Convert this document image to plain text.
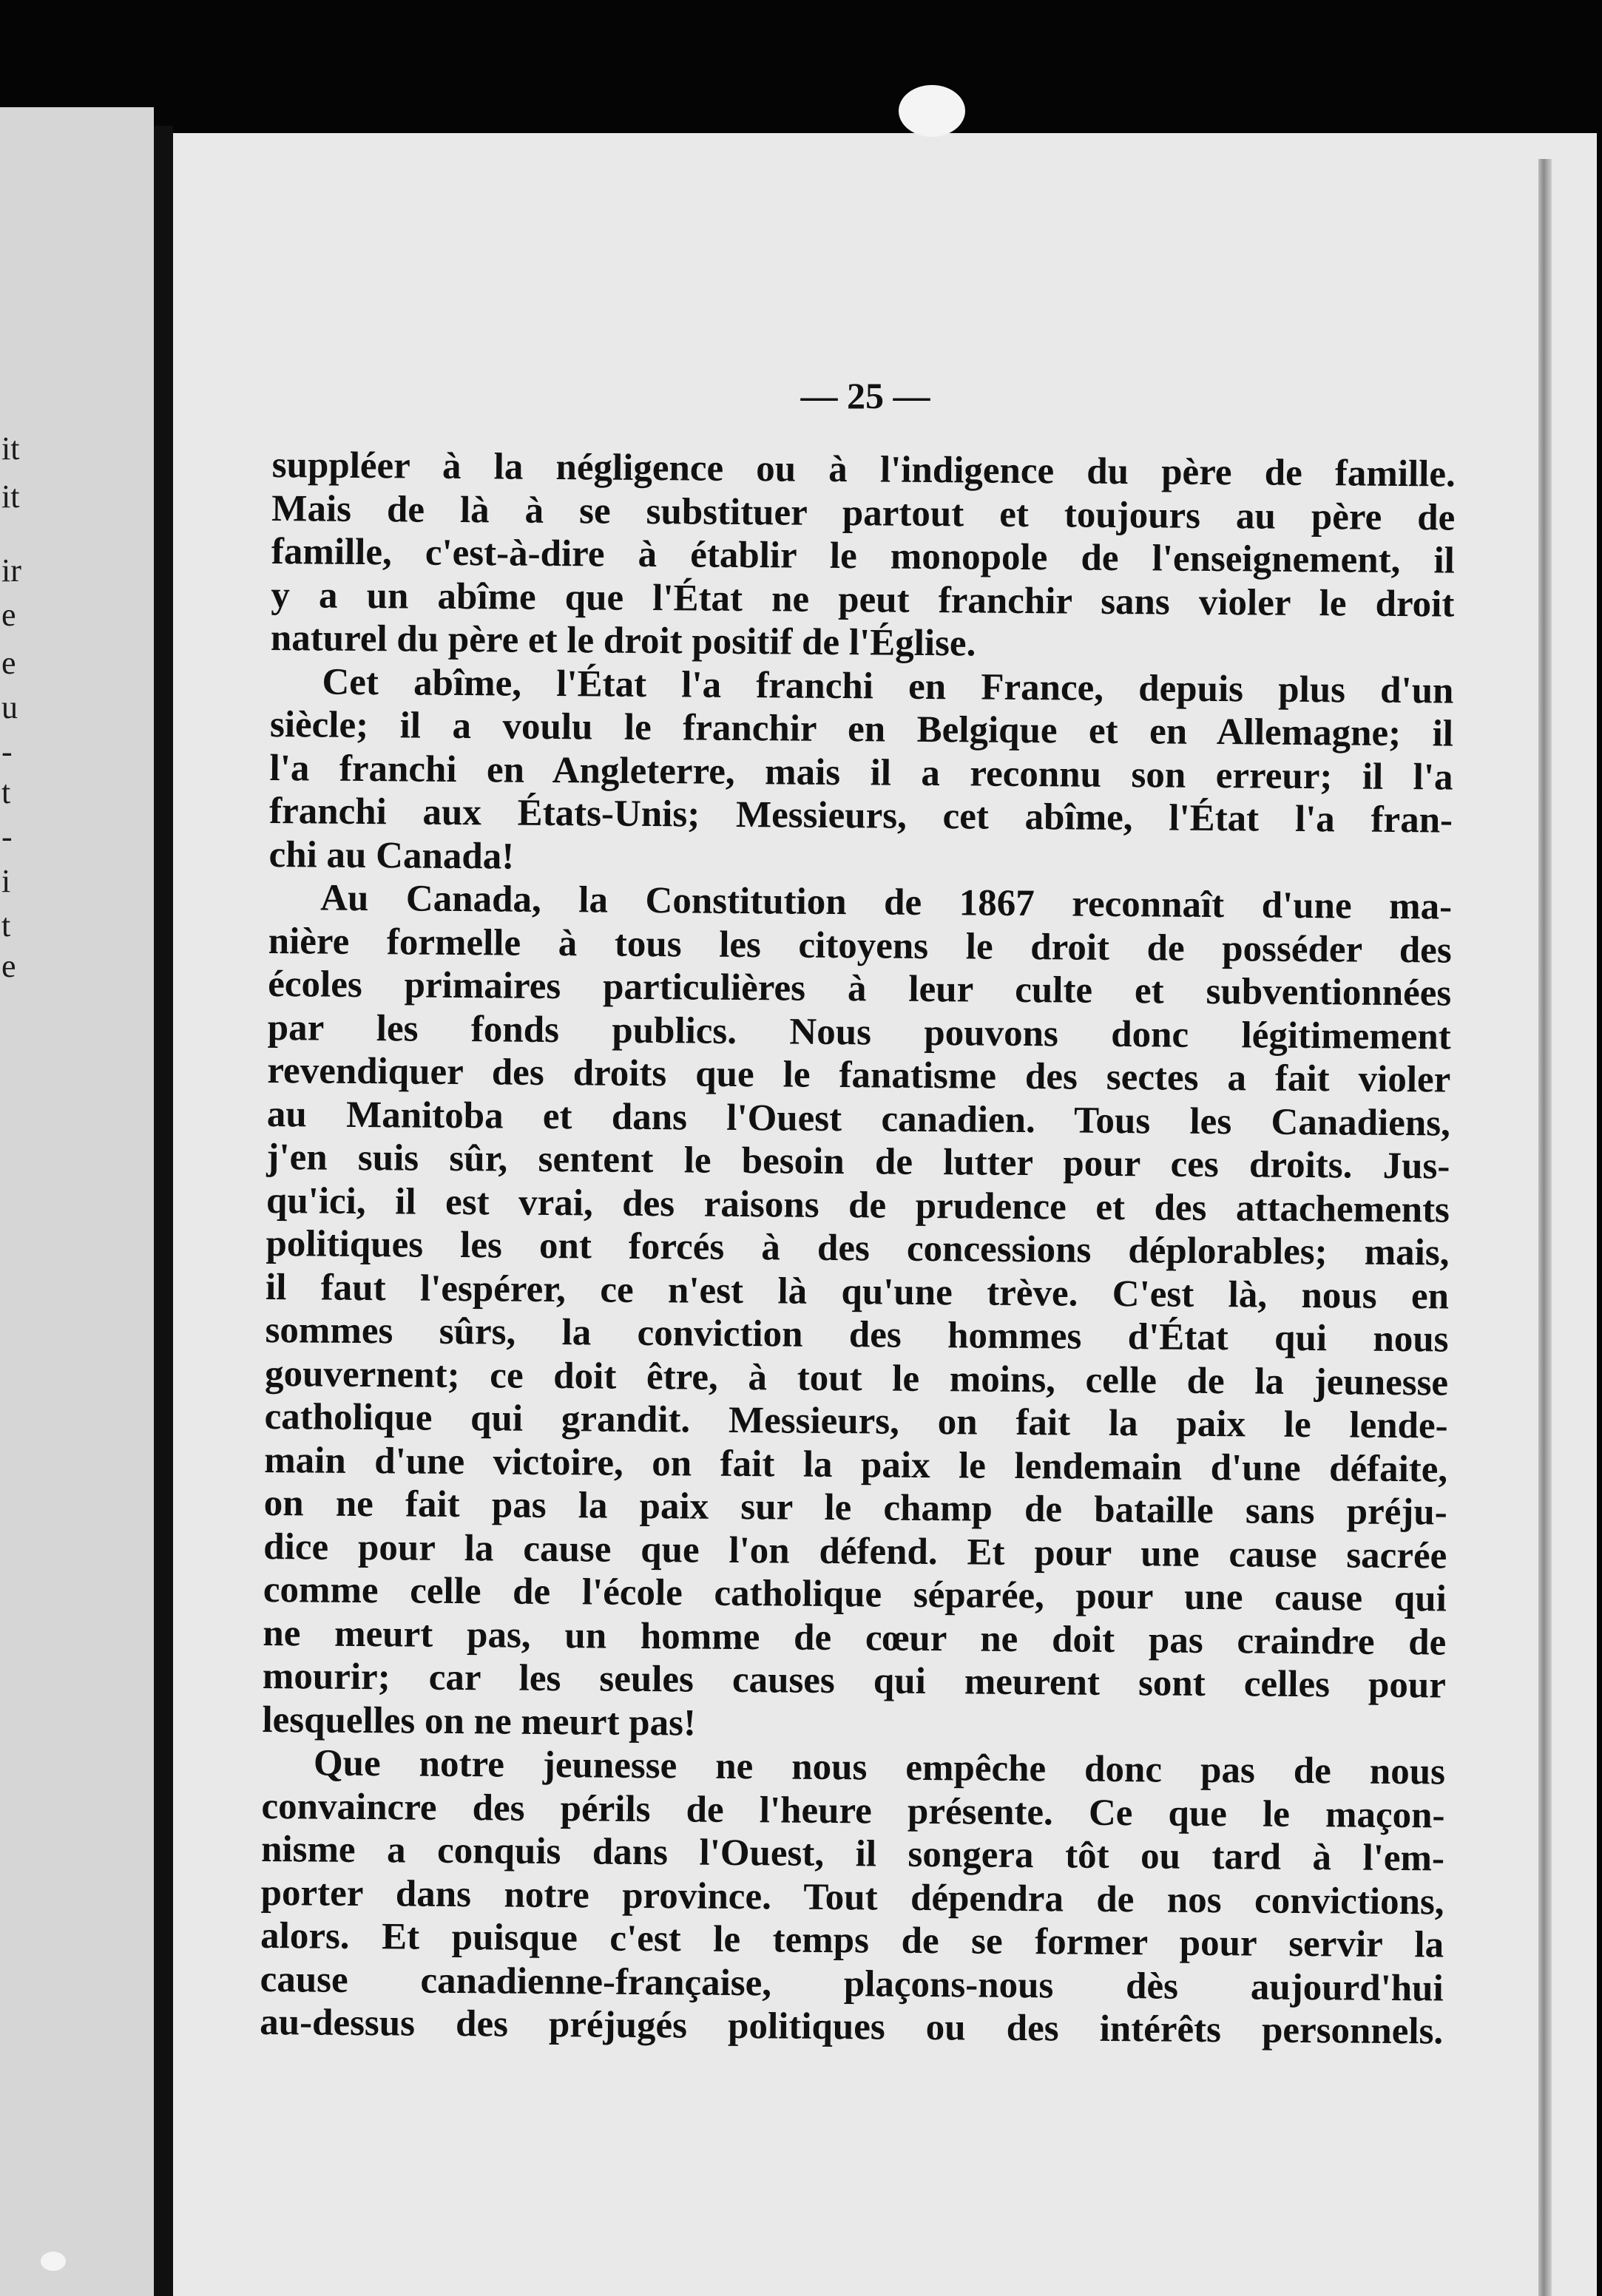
it
it
ir
e
e
u
-
t
-
i
t
e
— 25 —
suppléer à la négligence ou à l'indigence du père de famille.
Mais de là à se substituer partout et toujours au père de
famille, c'est-à-dire à établir le monopole de l'enseignement, il
y a un abîme que l'État ne peut franchir sans violer le droit
naturel du père et le droit positif de l'Église.
Cet abîme, l'État l'a franchi en France, depuis plus d'un
siècle; il a voulu le franchir en Belgique et en Allemagne; il
l'a franchi en Angleterre, mais il a reconnu son erreur; il l'a
franchi aux États-Unis; Messieurs, cet abîme, l'État l'a fran-
chi au Canada!
Au Canada, la Constitution de 1867 reconnaît d'une ma-
nière formelle à tous les citoyens le droit de posséder des
écoles primaires particulières à leur culte et subventionnées
par les fonds publics. Nous pouvons donc légitimement
revendiquer des droits que le fanatisme des sectes a fait violer
au Manitoba et dans l'Ouest canadien. Tous les Canadiens,
j'en suis sûr, sentent le besoin de lutter pour ces droits. Jus-
qu'ici, il est vrai, des raisons de prudence et des attachements
politiques les ont forcés à des concessions déplorables; mais,
il faut l'espérer, ce n'est là qu'une trève. C'est là, nous en
sommes sûrs, la conviction des hommes d'État qui nous
gouvernent; ce doit être, à tout le moins, celle de la jeunesse
catholique qui grandit. Messieurs, on fait la paix le lende-
main d'une victoire, on fait la paix le lendemain d'une défaite,
on ne fait pas la paix sur le champ de bataille sans préju-
dice pour la cause que l'on défend. Et pour une cause sacrée
comme celle de l'école catholique séparée, pour une cause qui
ne meurt pas, un homme de cœur ne doit pas craindre de
mourir; car les seules causes qui meurent sont celles pour
lesquelles on ne meurt pas!
Que notre jeunesse ne nous empêche donc pas de nous
convaincre des périls de l'heure présente. Ce que le maçon-
nisme a conquis dans l'Ouest, il songera tôt ou tard à l'em-
porter dans notre province. Tout dépendra de nos convictions,
alors. Et puisque c'est le temps de se former pour servir la
cause canadienne-française, plaçons-nous dès aujourd'hui
au-dessus des préjugés politiques ou des intérêts personnels.
